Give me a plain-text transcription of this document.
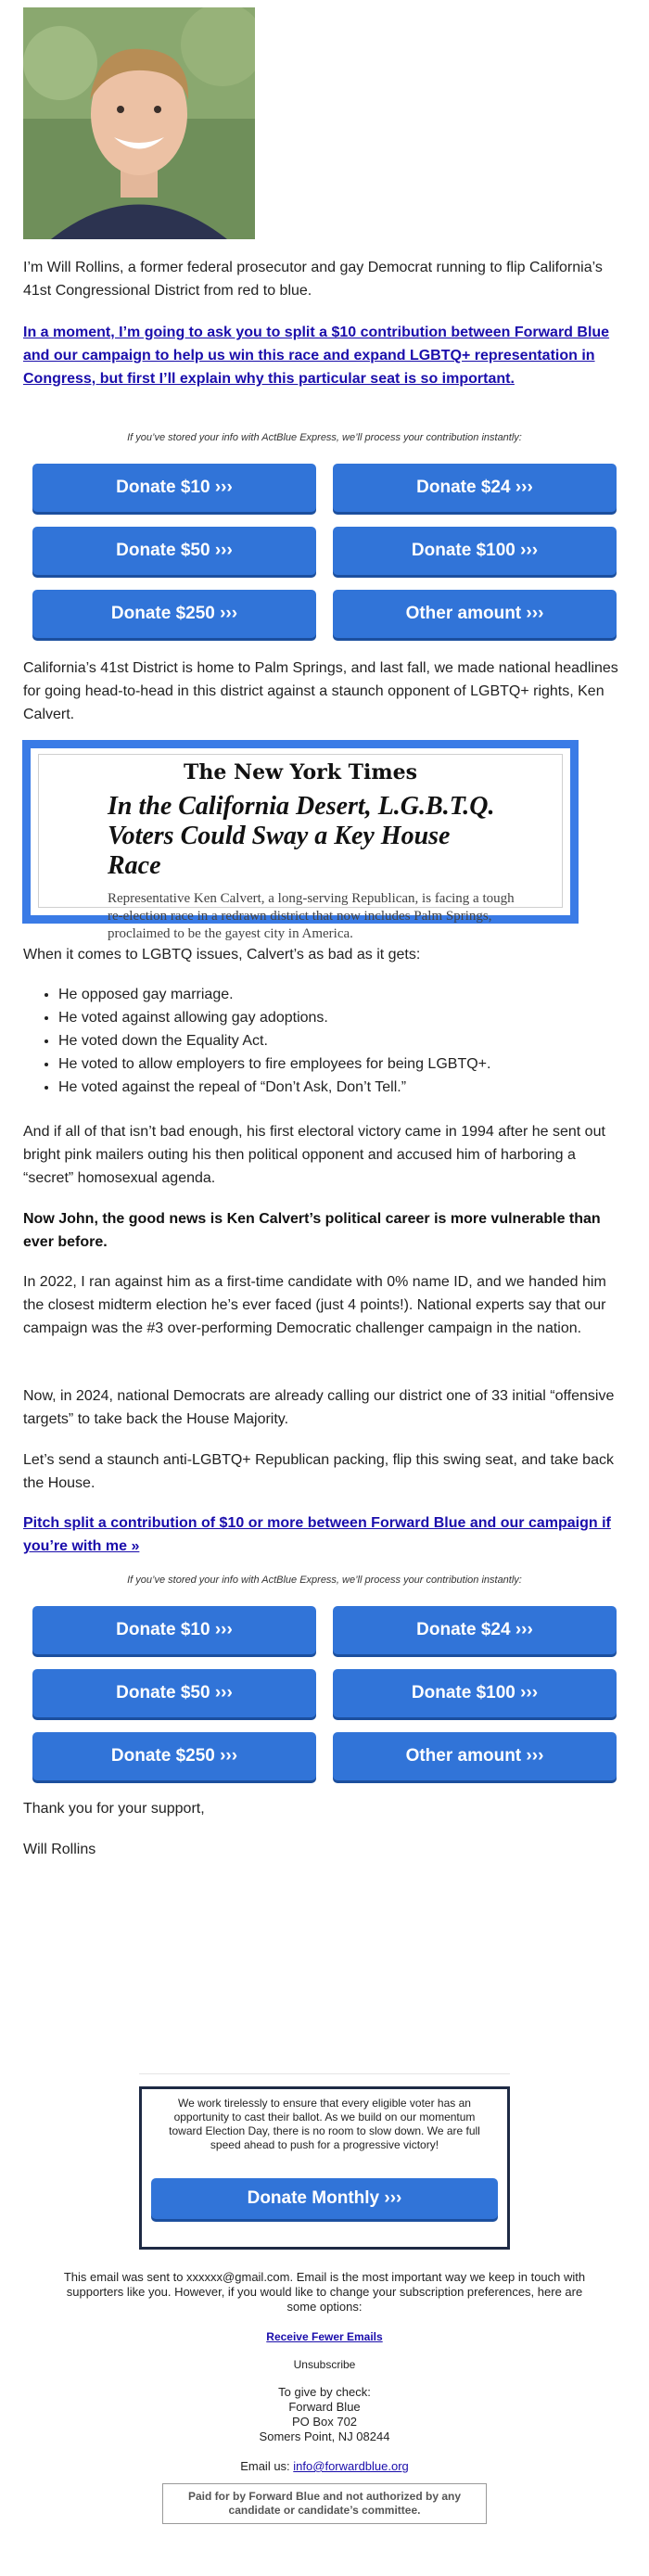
I’m Will Rollins, a former federal prosecutor and gay Democrat running to flip California’s 41st Congressional District from red to blue.

In a moment, I’m going to ask you to split a $10 contribution between Forward Blue and our campaign to help us win this race and expand LGBTQ+ representation in Congress, but first I’ll explain why this particular seat is so important.
If you’ve stored your info with ActBlue Express, we’ll process your contribution instantly:
Donate $10 ›››	Donate $24 ›››
Donate $50 ›››	Donate $100 ›››
Donate $250 ›››	Other amount ›››

California’s 41st District is home to Palm Springs, and last fall, we made national headlines for going head-to-head in this district against a staunch opponent of LGBTQ+ rights, Ken Calvert.

The New York Times
In the California Desert, L.G.B.T.Q. Voters Could Sway a Key House Race
Representative Ken Calvert, a long-serving Republican, is facing a tough re-election race in a redrawn district that now includes Palm Springs, proclaimed to be the gayest city in America.

When it comes to LGBTQ issues, Calvert’s as bad as it gets:

• He opposed gay marriage.
• He voted against allowing gay adoptions.
• He voted down the Equality Act.
• He voted to allow employers to fire employees for being LGBTQ+.
• He voted against the repeal of “Don’t Ask, Don’t Tell.”

And if all of that isn’t bad enough, his first electoral victory came in 1994 after he sent out bright pink mailers outing his then political opponent and accused him of harboring a “secret” homosexual agenda.

Now John, the good news is Ken Calvert’s political career is more vulnerable than ever before.

In 2022, I ran against him as a first-time candidate with 0% name ID, and we handed him the closest midterm election he’s ever faced (just 4 points!). National experts say that our campaign was the #3 over-performing Democratic challenger campaign in the nation.

Now, in 2024, national Democrats are already calling our district one of 33 initial “offensive targets” to take back the House Majority.

Let’s send a staunch anti-LGBTQ+ Republican packing, flip this swing seat, and take back the House.

Pitch split a contribution of $10 or more between Forward Blue and our campaign if you’re with me »
If you’ve stored your info with ActBlue Express, we’ll process your contribution instantly:
Donate $10 ›››	Donate $24 ›››
Donate $50 ›››	Donate $100 ›››
Donate $250 ›››	Other amount ›››

Thank you for your support,

Will Rollins

We work tirelessly to ensure that every eligible voter has an opportunity to cast their ballot. As we build on our momentum toward Election Day, there is no room to slow down. We are full speed ahead to push for a progressive victory!

Donate Monthly ›››
This email was sent to xxxxxx@gmail.com. Email is the most important way we keep in touch with supporters like you. However, if you would like to change your subscription preferences, here are some options:
Receive Fewer Emails
Unsubscribe
To give by check:
Forward Blue
PO Box 702
Somers Point, NJ 08244
Email us: info@forwardblue.org
Paid for by Forward Blue and not authorized by any candidate or candidate’s committee.
